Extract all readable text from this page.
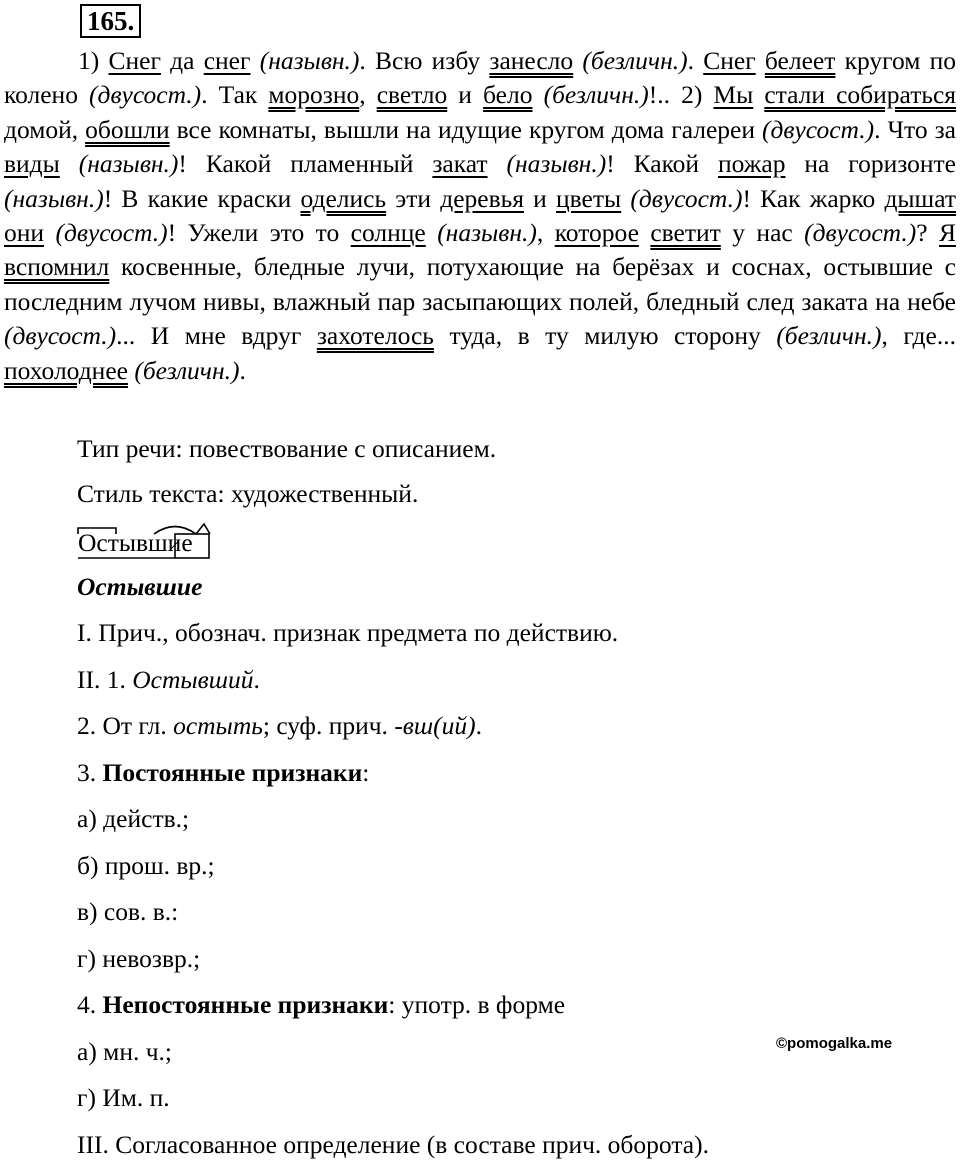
165.
1) Снег да снег (назывн.). Всю избу занесло (безличн.). Снег белеет кругом по колено (двусост.). Так морозно, светло и бело (безличн.)!.. 2) Мы стали собираться домой, обошли все комнаты, вышли на идущие кругом дома галереи (двусост.). Что за виды (назывн.)! Какой пламенный закат (назывн.)! Какой пожар на горизонте (назывн.)! В какие краски оделись эти деревья и цветы (двусост.)! Как жарко дышат они (двусост.)! Ужели это то солнце (назывн.), которое светит у нас (двусост.)? Я вспомнил косвенные, бледные лучи, потухающие на берёзах и соснах, остывшие с последним лучом нивы, влажный пар засыпающих полей, бледный след заката на небе (двусост.)... И мне вдруг захотелось туда, в ту милую сторону (безличн.), где... похолоднее (безличн.).
Тип речи: повествование с описанием.
Стиль текста: художественный.
Остывшие
Остывшие
I. Прич., обознач. признак предмета по действию.
II. 1. Остывший.
2. От гл. остыть; суф. прич. -вш(ий).
3. Постоянные признаки:
а) действ.;
б) прош. вр.;
в) сов. в.:
г) невозвр.;
4. Непостоянные признаки: употр. в форме
а) мн. ч.;
г) Им. п.
III. Согласованное определение (в составе прич. оборота).
©pomogalka.me
